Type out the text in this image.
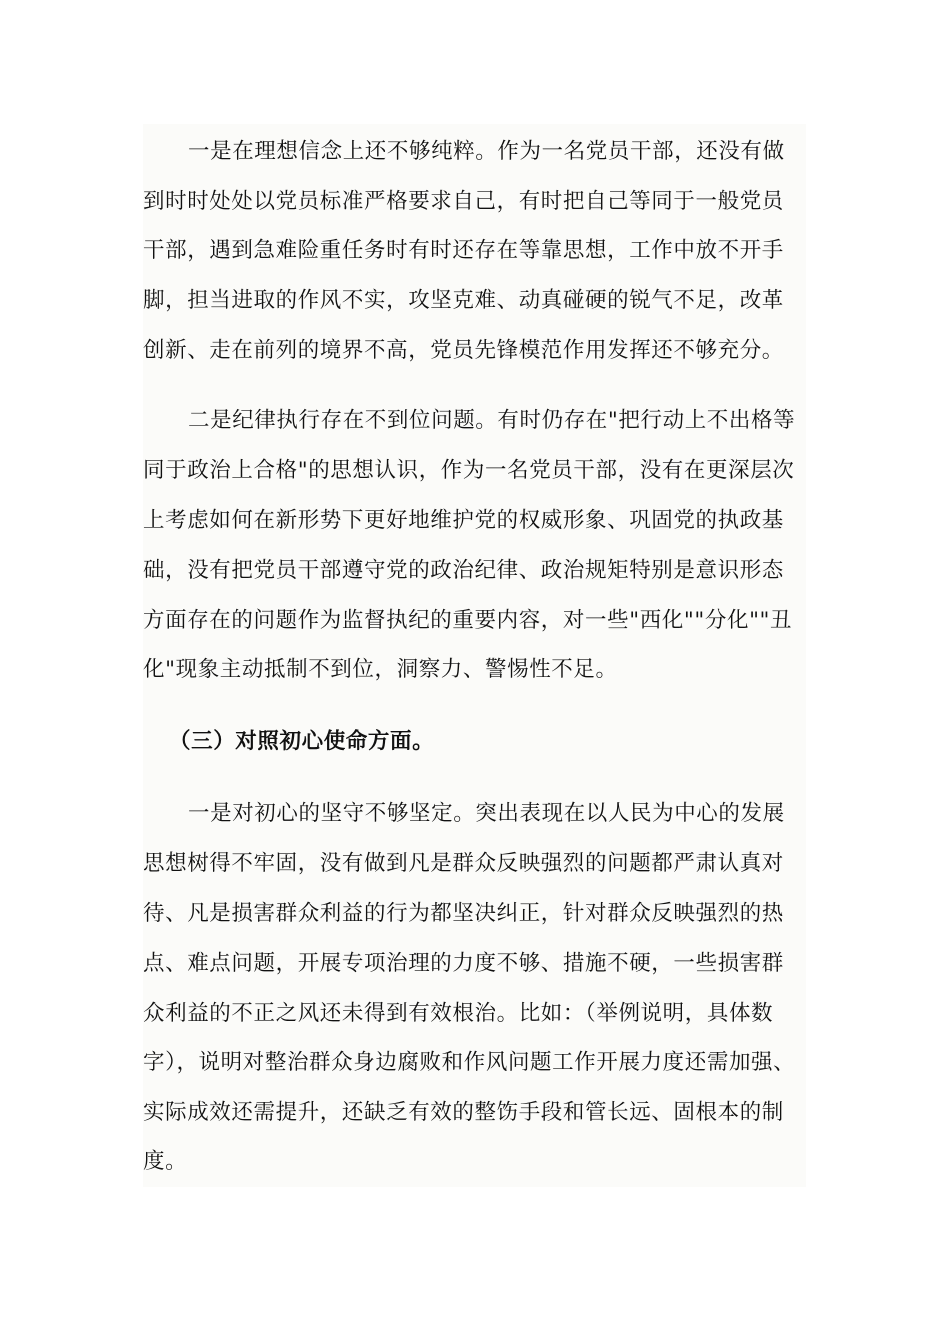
一是在理想信念上还不够纯粹。作为一名党员干部，还没有做
到时时处处以党员标准严格要求自己，有时把自己等同于一般党员
干部，遇到急难险重任务时有时还存在等靠思想，工作中放不开手
脚，担当进取的作风不实，攻坚克难、动真碰硬的锐气不足，改革
创新、走在前列的境界不高，党员先锋模范作用发挥还不够充分。
二是纪律执行存在不到位问题。有时仍存在"把行动上不出格等
同于政治上合格"的思想认识，作为一名党员干部，没有在更深层次
上考虑如何在新形势下更好地维护党的权威形象、巩固党的执政基
础，没有把党员干部遵守党的政治纪律、政治规矩特别是意识形态
方面存在的问题作为监督执纪的重要内容，对一些"西化""分化""丑
化"现象主动抵制不到位，洞察力、警惕性不足。
（三）对照初心使命方面。
一是对初心的坚守不够坚定。突出表现在以人民为中心的发展
思想树得不牢固，没有做到凡是群众反映强烈的问题都严肃认真对
待、凡是损害群众利益的行为都坚决纠正，针对群众反映强烈的热
点、难点问题，开展专项治理的力度不够、措施不硬，一些损害群
众利益的不正之风还未得到有效根治。比如：（举例说明，具体数
字），说明对整治群众身边腐败和作风问题工作开展力度还需加强、
实际成效还需提升，还缺乏有效的整饬手段和管长远、固根本的制
度。
